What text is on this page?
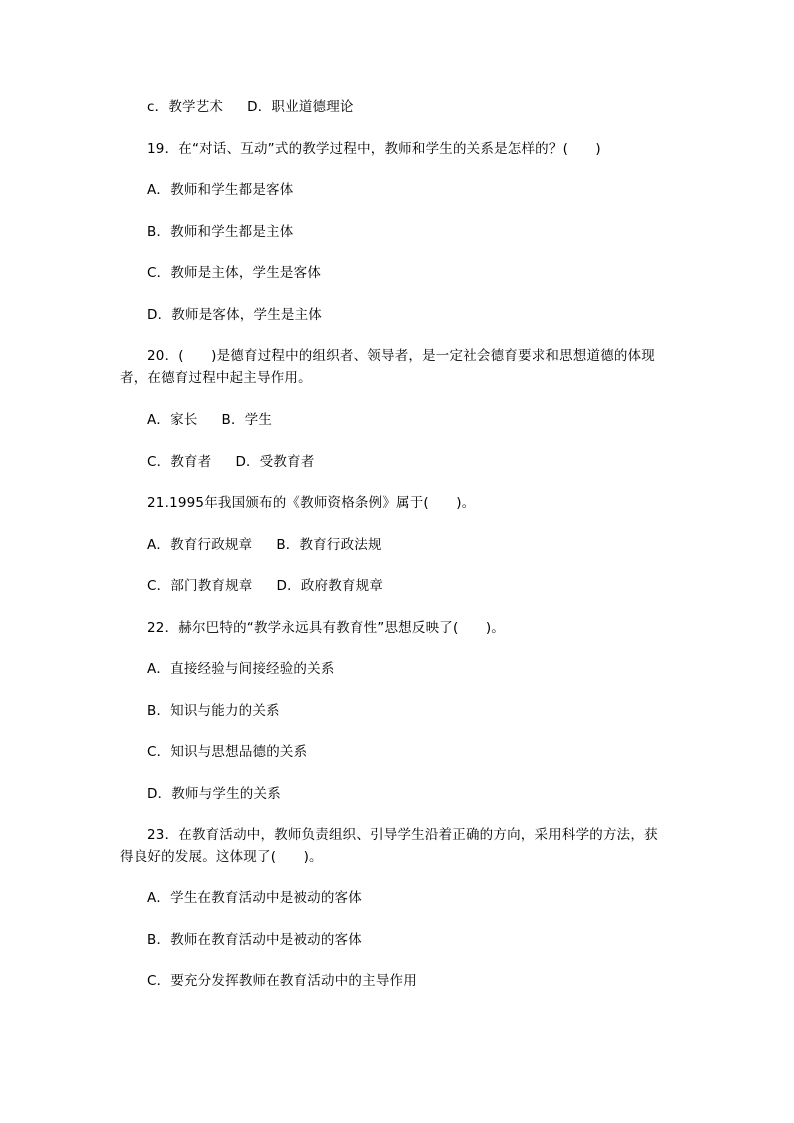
c．教学艺术 D．职业道德理论
19．在“对话、互动”式的教学过程中，教师和学生的关系是怎样的？(　　)
A．教师和学生都是客体
B．教师和学生都是主体
C．教师是主体，学生是客体
D．教师是客体，学生是主体
20．(　　)是德育过程中的组织者、领导者，是一定社会德育要求和思想道德的体现
者，在德育过程中起主导作用。
A．家长 B．学生
C．教育者 D．受教育者
21.1995年我国颁布的《教师资格条例》属于(　　)。
A．教育行政规章 B．教育行政法规
C．部门教育规章 D．政府教育规章
22．赫尔巴特的“教学永远具有教育性”思想反映了(　　)。
A．直接经验与间接经验的关系
B．知识与能力的关系
C．知识与思想品德的关系
D．教师与学生的关系
23．在教育活动中，教师负责组织、引导学生沿着正确的方向，采用科学的方法，获
得良好的发展。这体现了(　　)。
A．学生在教育活动中是被动的客体
B．教师在教育活动中是被动的客体
C．要充分发挥教师在教育活动中的主导作用
